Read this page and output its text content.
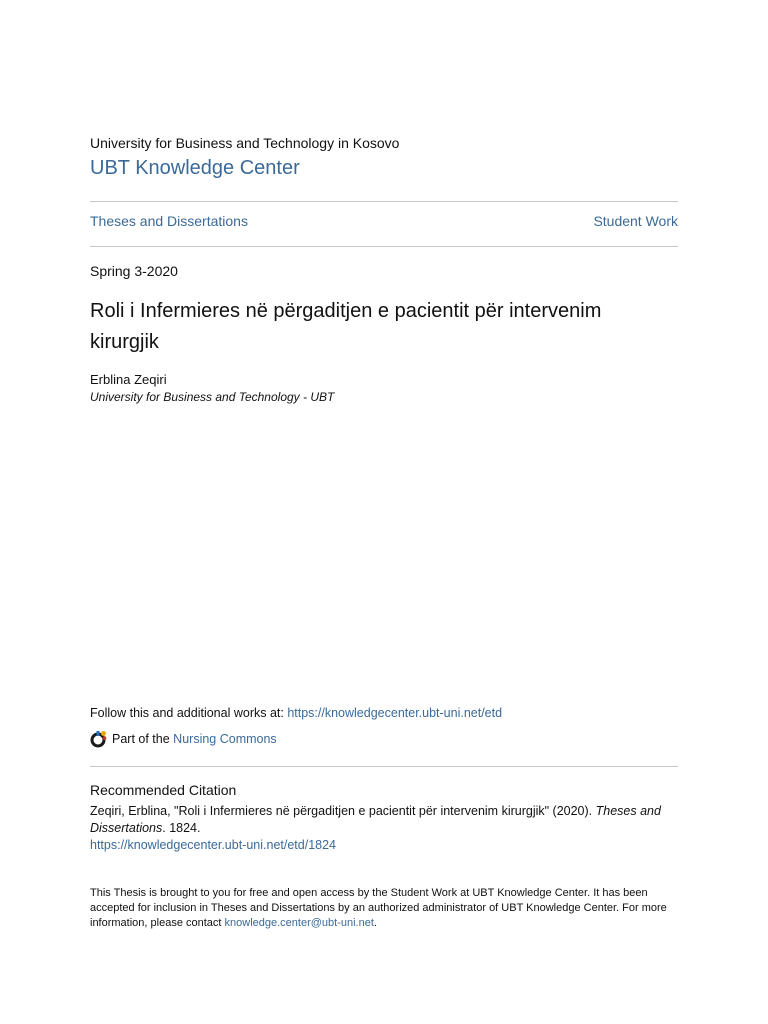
University for Business and Technology in Kosovo
UBT Knowledge Center
Theses and Dissertations	Student Work
Spring 3-2020
Roli i Infermieres në përgaditjen e pacientit për intervenim kirurgjik
Erblina Zeqiri
University for Business and Technology - UBT
Follow this and additional works at: https://knowledgecenter.ubt-uni.net/etd
Part of the
Nursing Commons
Recommended Citation
Zeqiri, Erblina, "Roli i Infermieres në përgaditjen e pacientit për intervenim kirurgjik" (2020). Theses and Dissertations. 1824.
https://knowledgecenter.ubt-uni.net/etd/1824
This Thesis is brought to you for free and open access by the Student Work at UBT Knowledge Center. It has been accepted for inclusion in Theses and Dissertations by an authorized administrator of UBT Knowledge Center. For more information, please contact knowledge.center@ubt-uni.net.
